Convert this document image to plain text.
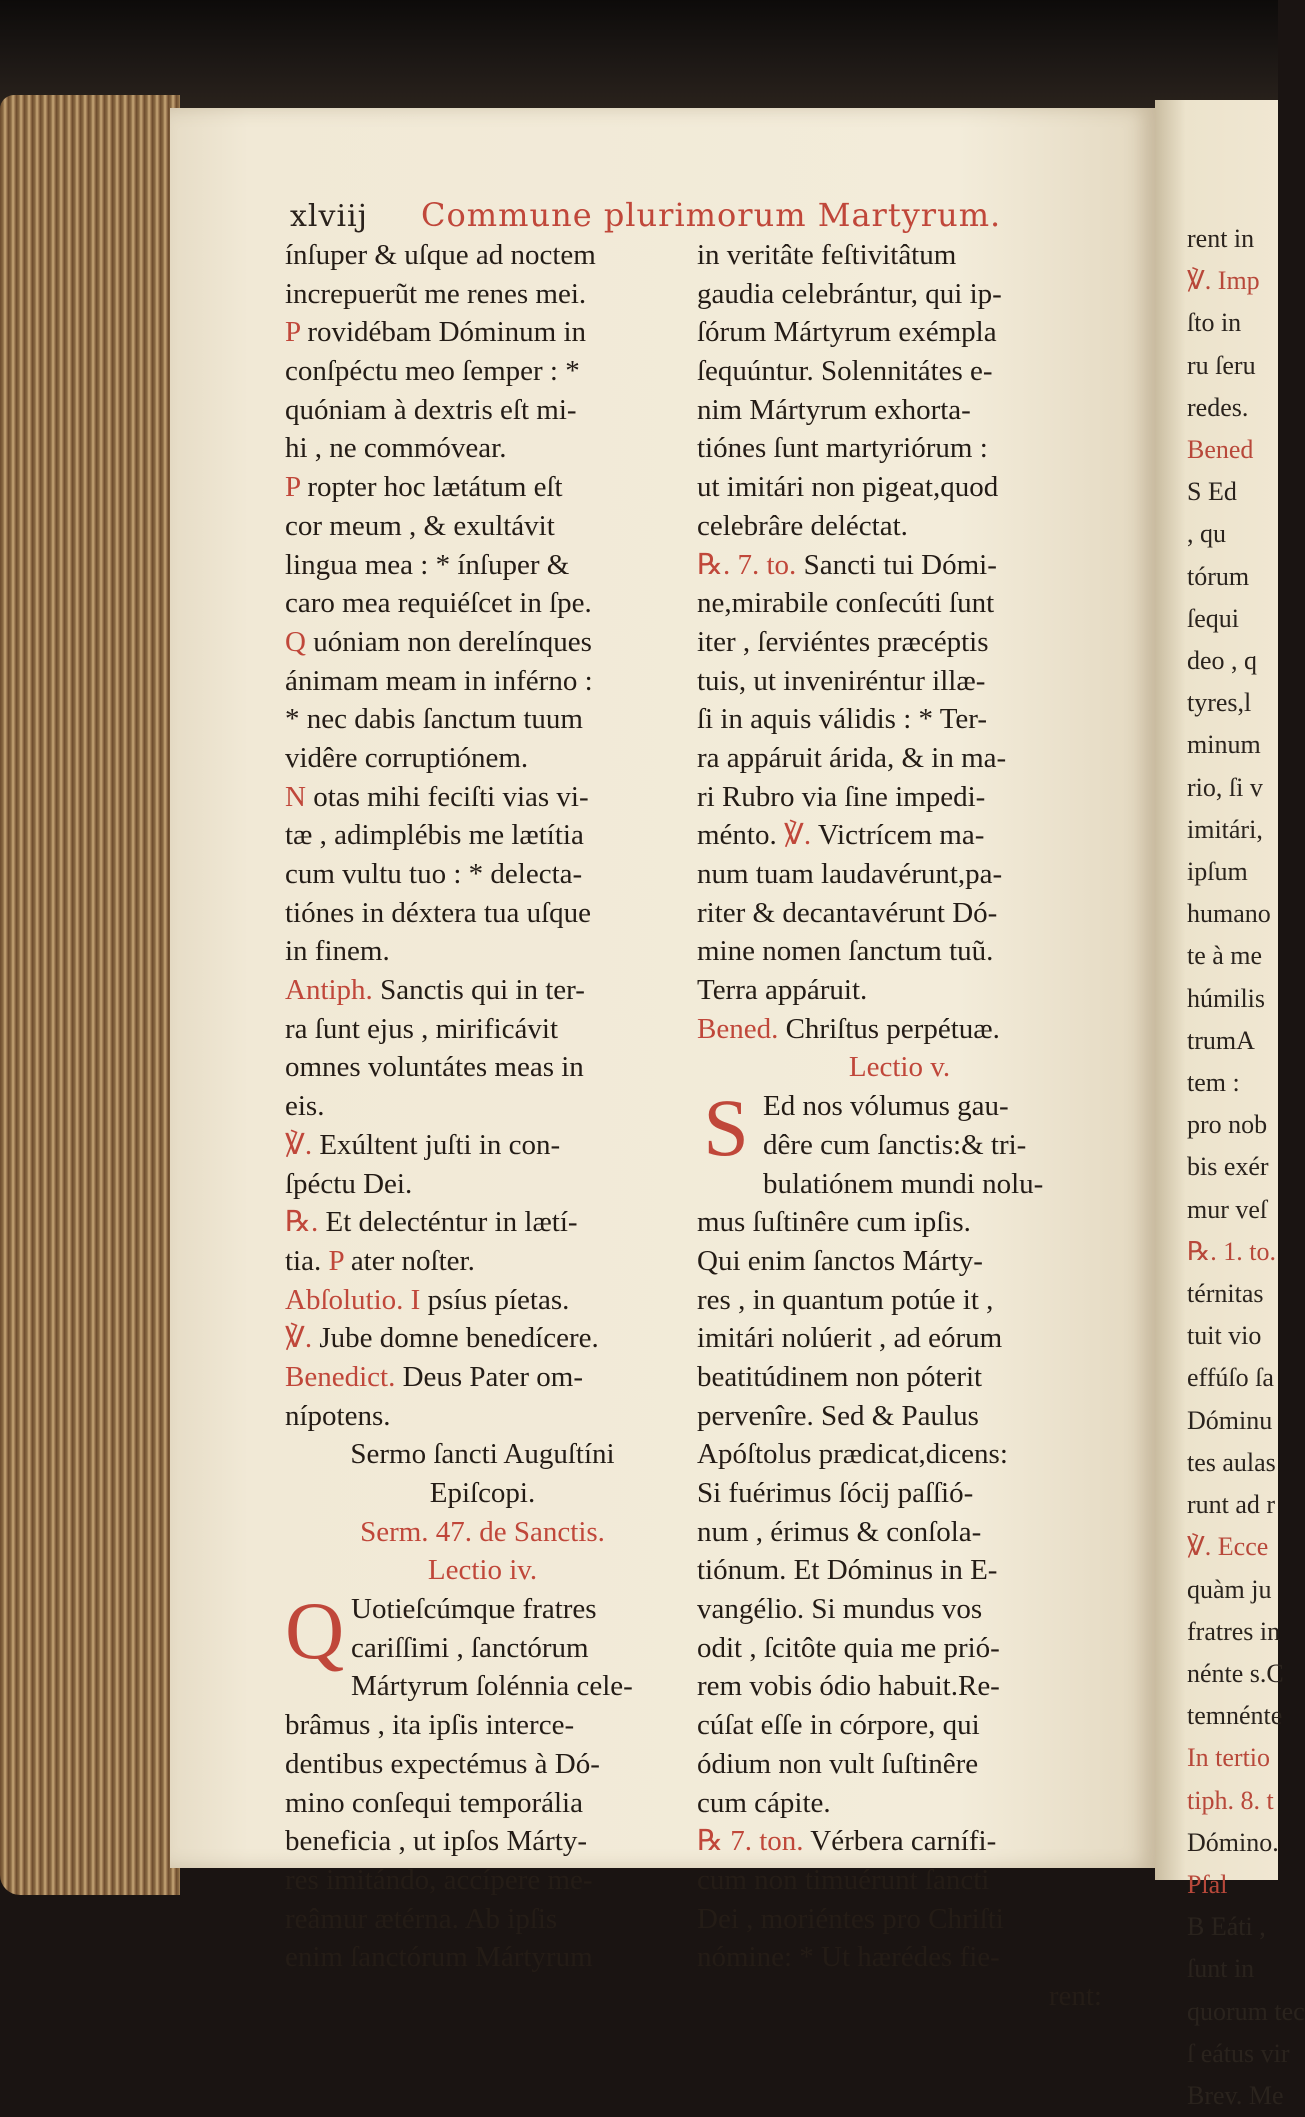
rent in
℣. Imp
ſto in
ru ſeru
redes.
Bened
S Ed
, qu
tórum
ſequi
deo , q
tyres,l
minum
rio, ſi v
imitári,
ipſum
humano
te à me
húmilis
trumA
tem :
pro nob
bis exér
mur veſ
℞. 1. to.
térnitas
tuit vio
effúſo ſa
Dóminu
tes aulas
runt ad r
℣. Ecce
quàm ju
fratres in
nénte s.C
temnénte
In tertio
tiph. 8. t
Dómino.
Pſal
B Eáti ,
ſunt in
quorum tec
ſ eátus vir
Brev. Me
xlviij Commune plurimorum Martyrum.
ínſuper & uſque ad noctem
increpuerũt me renes mei.
P rovidébam Dóminum in
conſpéctu meo ſemper : *
quóniam à dextris eſt mi-
hi , ne commóvear.
P ropter hoc lætátum eſt
cor meum , & exultávit
lingua mea : * ínſuper &
caro mea requiéſcet in ſpe.
Q uóniam non derelínques
ánimam meam in inférno :
* nec dabis ſanctum tuum
vidêre corruptiónem.
N otas mihi feciſti vias vi-
tæ , adimplébis me lætítia
cum vultu tuo : * delecta-
tiónes in déxtera tua uſque
in finem.
Antiph. Sanctis qui in ter-
ra ſunt ejus , mirificávit
omnes voluntátes meas in
eis.
℣. Exúltent juſti in con-
ſpéctu Dei.
℞. Et delecténtur in lætí-
tia. P ater noſter.
Abſolutio. I psíus píetas.
℣. Jube domne benedícere.
Benedict. Deus Pater om-
nípotens.
Sermo ſancti Auguſtíni
Epiſcopi.
Serm. 47. de Sanctis.
Lectio iv.
Q Uotieſcúmque fratres
cariſſimi , ſanctórum
Mártyrum ſolénnia cele-
brâmus , ita ipſis interce-
dentibus expectémus à Dó-
mino conſequi temporália
beneficia , ut ipſos Márty-
res imitándo, accípere me-
reâmur ætérna. Ab ipſis
enim ſanctórum Mártyrum
in veritâte feſtivitâtum
gaudia celebrántur, qui ip-
ſórum Mártyrum exémpla
ſequúntur. Solennitátes e-
nim Mártyrum exhorta-
tiónes ſunt martyriórum :
ut imitári non pigeat,quod
celebrâre deléctat.
℞. 7. to. Sancti tui Dómi-
ne,mirabile conſecúti ſunt
iter , ſerviéntes præcéptis
tuis, ut inveniréntur illæ-
ſi in aquis válidis : * Ter-
ra appáruit árida, & in ma-
ri Rubro via ſine impedi-
ménto. ℣. Victrícem ma-
num tuam laudavérunt,pa-
riter & decantavérunt Dó-
mine nomen ſanctum tuũ.
Terra appáruit.
Bened. Chriſtus perpétuæ.
Lectio v.
S Ed nos vólumus gau-
dêre cum ſanctis:& tri-
bulatiónem mundi nolu-
mus ſuſtinêre cum ipſis.
Qui enim ſanctos Márty-
res , in quantum potúe it ,
imitári nolúerit , ad eórum
beatitúdinem non póterit
pervenîre. Sed & Paulus
Apóſtolus prædicat,dicens:
Si fuérimus ſócij paſſió-
num , érimus & conſola-
tiónum. Et Dóminus in E-
vangélio. Si mundus vos
odit , ſcitôte quia me prió-
rem vobis ódio habuit.Re-
cúſat eſſe in córpore, qui
ódium non vult ſuſtinêre
cum cápite.
℞ 7. ton. Vérbera carnífi-
cum non timuérunt ſancti
Dei , moriéntes pro Chriſti
nómine: * Ut hærédes fie-
rent:
